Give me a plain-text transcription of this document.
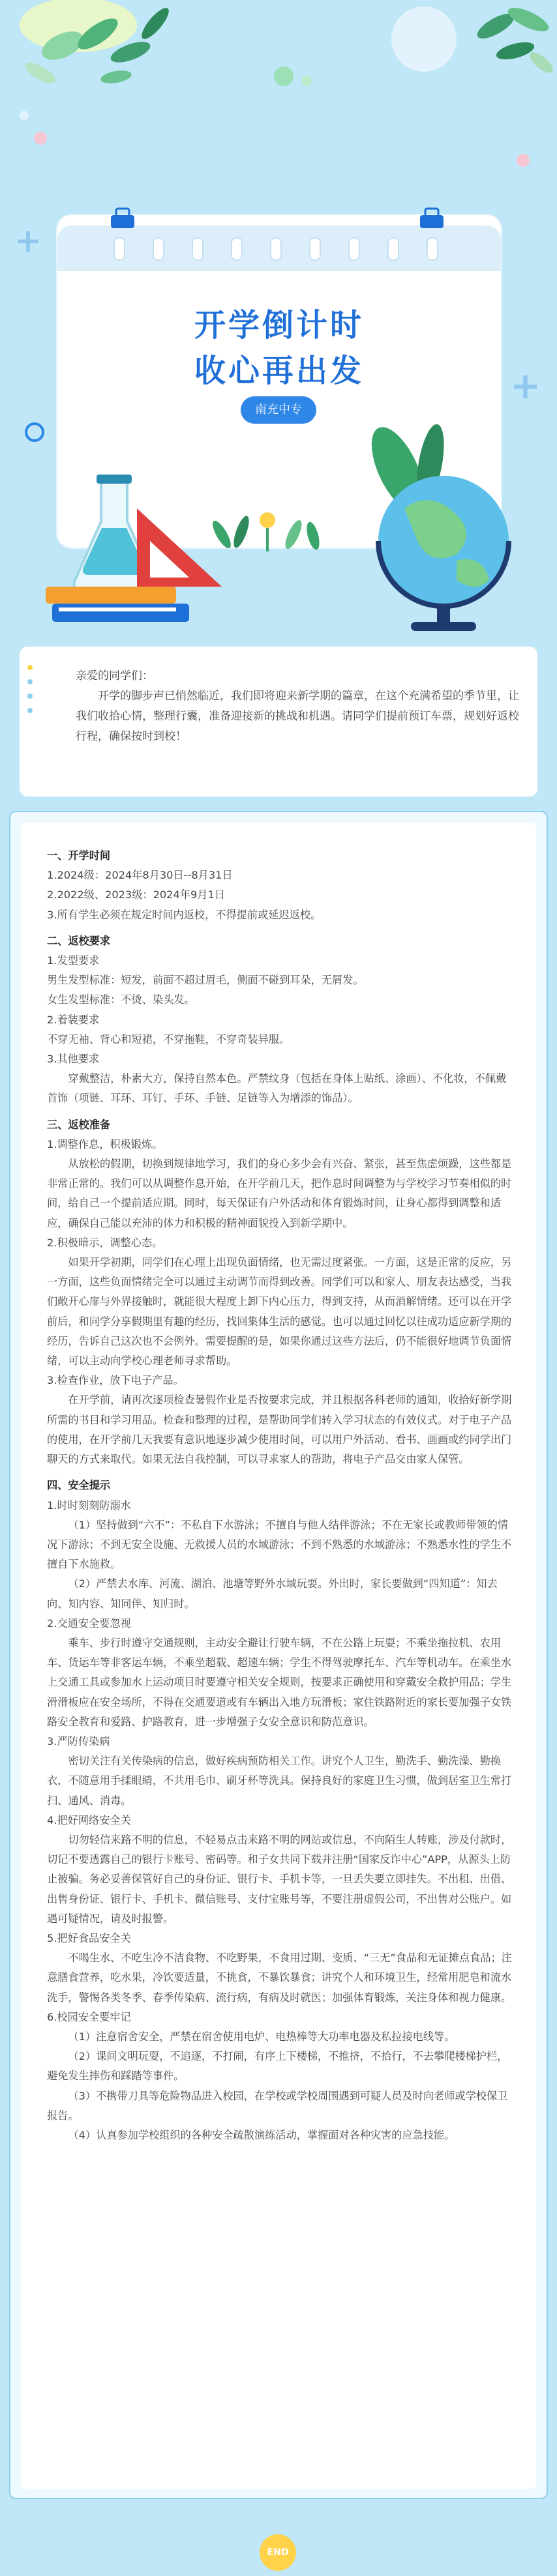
+
+
开学倒计时
收心再出发
南充中专

亲爱的同学们：

开学的脚步声已悄然临近，我们即将迎来新学期的篇章，在这个充满希望的季节里，让我们收拾心情，整理行囊，准备迎接新的挑战和机遇。请同学们提前预订车票，规划好返校行程，确保按时到校！

一、开学时间

1.2024级：2024年8月30日--8月31日

2.2022级、2023级：2024年9月1日

3.所有学生必须在规定时间内返校，不得提前或延迟返校。

二、返校要求

1.发型要求

男生发型标准：短发，前面不超过眉毛，侧面不碰到耳朵，无屑发。

女生发型标准：不烫、染头发。

2.着装要求

不穿无袖、背心和短裙，不穿拖鞋，不穿奇装异服。

3.其他要求

穿戴整洁，朴素大方，保持自然本色。严禁纹身（包括在身体上贴纸、涂画）、不化妆，不佩戴首饰（项链、耳环、耳钉、手环、手链、足链等入为增添的饰品）。

三、返校准备

1.调整作息，积极锻炼。

从放松的假期，切换到规律地学习，我们的身心多少会有兴奋、紧张，甚至焦虑烦躁，这些都是非常正常的。我们可以从调整作息开始，在开学前几天，把作息时间调整为与学校学习节奏相似的时间，给自己一个提前适应期。同时，每天保证有户外活动和体育锻炼时间，让身心都得到调整和适应，确保自己能以充沛的体力和积极的精神面貌投入到新学期中。

2.积极暗示，调整心态。

如果开学初期，同学们在心理上出现负面情绪，也无需过度紧张。一方面，这是正常的反应，另一方面，这些负面情绪完全可以通过主动调节而得到改善。同学们可以和家人、朋友表达感受，当我们敞开心扉与外界接触时，就能很大程度上卸下内心压力，得到支持，从而消解情绪。还可以在开学前后，和同学分享假期里有趣的经历，找回集体生活的感觉。也可以通过回忆以往成功适应新学期的经历，告诉自己这次也不会例外。需要提醒的是，如果你通过这些方法后，仍不能很好地调节负面情绪，可以主动向学校心理老师寻求帮助。

3.检查作业，放下电子产品。

在开学前，请再次逐项检查暑假作业是否按要求完成，并且根据各科老师的通知，收拾好新学期所需的书目和学习用品。检查和整理的过程，是帮助同学们转入学习状态的有效仪式。对于电子产品的使用，在开学前几天我要有意识地逐步减少使用时间，可以用户外活动、看书、画画或约同学出门聊天的方式来取代。如果无法自我控制，可以寻求家人的帮助，将电子产品交由家人保管。

四、安全提示

1.时时刻刻防溺水

（1）坚持做到“六不”：不私自下水游泳；不擅自与他人结伴游泳；不在无家长或教师带领的情况下游泳；不到无安全设施、无救援人员的水域游泳；不到不熟悉的水域游泳；不熟悉水性的学生不擅自下水施救。

（2）严禁去水库、河流、湖泊、池塘等野外水域玩耍。外出时，家长要做到“四知道”：知去向、知内容、知同伴、知归时。

2.交通安全要忽视

乘车、步行时遵守交通规则，主动安全避让行驶车辆，不在公路上玩耍；不乘坐拖拉机、农用车、货运车等非客运车辆，不乘坐超载、超速车辆；学生不得驾驶摩托车、汽车等机动车。在乘坐水上交通工具或参加水上运动项目时要遵守相关安全规则，按要求正确使用和穿戴安全救护用品；学生滑滑板应在安全场所，不得在交通要道或有车辆出入地方玩滑板；家住铁路附近的家长要加强子女铁路安全教育和爱路、护路教育，进一步增强子女安全意识和防范意识。

3.严防传染病

密切关注有关传染病的信息，做好疾病预防相关工作。讲究个人卫生，勤洗手、勤洗澡、勤换衣，不随意用手揉眼睛，不共用毛巾、刷牙杯等洗具。保持良好的家庭卫生习惯，做到居室卫生常打扫、通风、消毒。

4.把好网络安全关

切勿轻信来路不明的信息，不轻易点击来路不明的网站或信息，不向陌生人转账，涉及付款时，切记不要透露自己的银行卡账号、密码等。和子女共同下载并注册“国家反诈中心”APP，从源头上防止被骗。务必妥善保管好自己的身份证、银行卡、手机卡等，一旦丢失要立即挂失。不出租、出借、出售身份证、银行卡、手机卡、微信账号、支付宝账号等，不要注册虚假公司，不出售对公账户。如遇可疑情况，请及时报警。

5.把好食品安全关

不喝生水、不吃生冷不洁食物、不吃野果，不食用过期、变质、“三无”食品和无证摊点食品；注意膳食营养，吃水果，冷饮要适量，不挑食，不暴饮暴食；讲究个人和环境卫生，经常用肥皂和流水洗手，警惕各类冬季、春季传染病、流行病，有病及时就医；加强体育锻炼，关注身体和视力健康。

6.校园安全要牢记

（1）注意宿舍安全，严禁在宿舍使用电炉、电热棒等大功率电器及私拉接电线等。

（2）课间文明玩耍，不追逐，不打闹，有序上下楼梯，不推挤，不拾行，不去攀爬楼梯护栏，避免发生摔伤和踩踏等事件。

（3）不携带刀具等危险物品进入校园，在学校或学校周围遇到可疑人员及时向老师或学校保卫报告。

（4）认真参加学校组织的各种安全疏散演练活动，掌握面对各种灾害的应急技能。

END
